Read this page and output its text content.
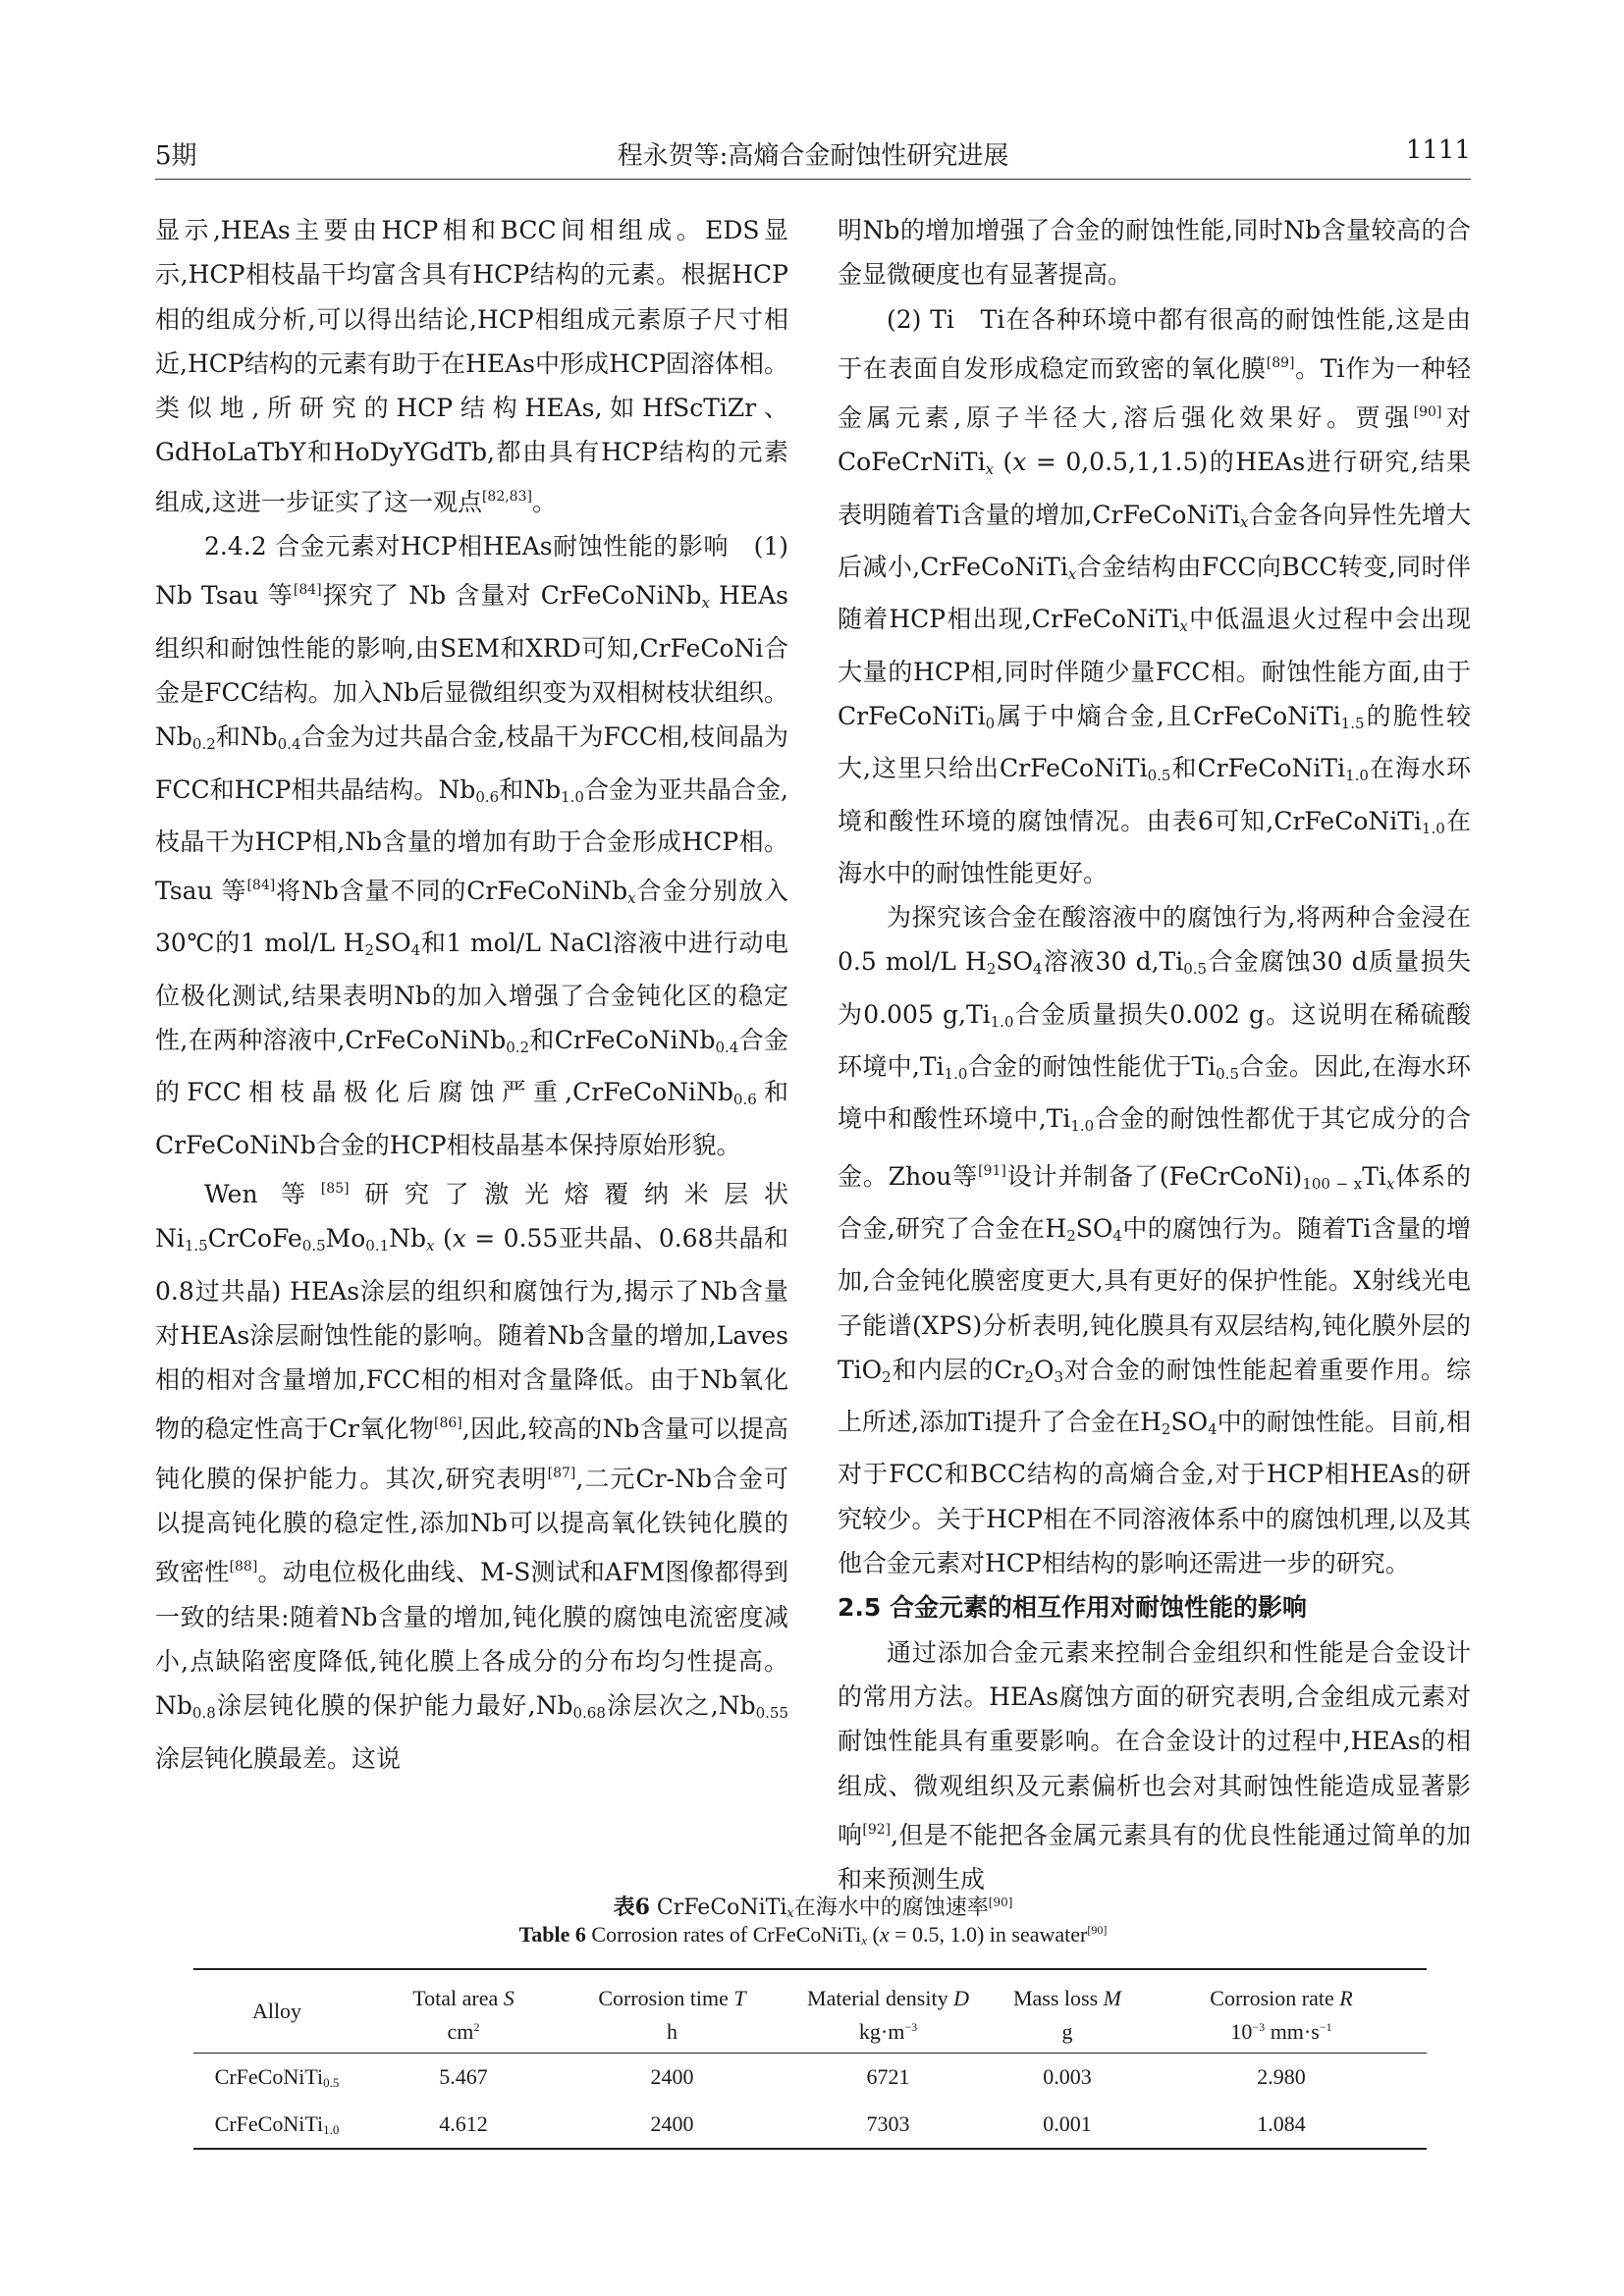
5期	程永贺等:高熵合金耐蚀性研究进展	1111

显示,HEAs主要由HCP相和BCC间相组成。EDS显示,HCP相枝晶干均富含具有HCP结构的元素。根据HCP相的组成分析,可以得出结论,HCP相组成元素原子尺寸相近,HCP结构的元素有助于在HEAs中形成HCP固溶体相。类似地,所研究的HCP结构HEAs,如HfScTiZr、GdHoLaTbY和HoDyYGdTb,都由具有HCP结构的元素组成,这进一步证实了这一观点[82,83]。

2.4.2 合金元素对HCP相HEAs耐蚀性能的影响　 (1) Nb Tsau 等[84]探究了 Nb 含量对 CrFeCoNiNb$_x$ HEAs组织和耐蚀性能的影响,由SEM和XRD可知,CrFeCoNi合金是FCC结构。加入Nb后显微组织变为双相树枝状组织。$Nb_{0.2}$和$Nb_{0.4}$合金为过共晶合金,枝晶干为FCC相,枝间晶为FCC和HCP相共晶结构。$Nb_{0.6}$和$Nb_{1.0}$合金为亚共晶合金,枝晶干为HCP相,Nb含量的增加有助于合金形成HCP相。Tsau 等[84]将Nb含量不同的CrFeCoNiNb$_x$合金分别放入30℃的1 mol/L $H_2SO_4$和1 mol/L NaCl溶液中进行动电位极化测试,结果表明Nb的加入增强了合金钝化区的稳定性,在两种溶液中,CrFeCoNiNb$_{0.2}$和CrFeCoNiNb$_{0.4}$合金的FCC相枝晶极化后腐蚀严重,CrFeCoNiNb$_{0.6}$和CrFeCoNiNb合金的HCP相枝晶基本保持原始形貌。

Wen 等[85]研究了激光熔覆纳米层状$Ni_{1.5}CrCoFe_{0.5}Mo_{0.1}Nb_x$ (x = 0.55亚共晶、0.68共晶和0.8过共晶) HEAs涂层的组织和腐蚀行为,揭示了Nb含量对HEAs涂层耐蚀性能的影响。随着Nb含量的增加,Laves相的相对含量增加,FCC相的相对含量降低。由于Nb氧化物的稳定性高于Cr氧化物[86],因此,较高的Nb含量可以提高钝化膜的保护能力。其次,研究表明[87],二元Cr-Nb合金可以提高钝化膜的稳定性,添加Nb可以提高氧化铁钝化膜的致密性[88]。动电位极化曲线、M-S测试和AFM图像都得到一致的结果:随着Nb含量的增加,钝化膜的腐蚀电流密度减小,点缺陷密度降低,钝化膜上各成分的分布均匀性提高。$Nb_{0.8}$涂层钝化膜的保护能力最好$,Nb_{0.68}$涂层次之$,Nb_{0.55}$涂层钝化膜最差。这说

明Nb的增加增强了合金的耐蚀性能,同时Nb含量较高的合金显微硬度也有显著提高。

(2) Ti　Ti在各种环境中都有很高的耐蚀性能,这是由于在表面自发形成稳定而致密的氧化膜[89]。Ti作为一种轻金属元素,原子半径大,溶后强化效果好。贾强[90]对CoFeCrNiTi$_x$ (x = 0,0.5,1,1.5)的HEAs进行研究,结果表明随着Ti含量的增加,CrFeCoNiTi$_x$合金各向异性先增大后减小,CrFeCoNiTi$_x$合金结构由FCC向BCC转变,同时伴随着HCP相出现,CrFeCoNiTi$_x$中低温退火过程中会出现大量的HCP相,同时伴随少量FCC相。耐蚀性能方面,由于CrFeCoNiTi$_0$属于中熵合金,且CrFeCoNiTi$_{1.5}$的脆性较大,这里只给出CrFeCoNiTi$_{0.5}$和CrFeCoNiTi$_{1.0}$在海水环境和酸性环境的腐蚀情况。由表6可知,CrFeCoNiTi$_{1.0}$在海水中的耐蚀性能更好。

为探究该合金在酸溶液中的腐蚀行为,将两种合金浸在0.5 mol/L $H_2SO_4$溶液30 $d,Ti_{0.5}$合金腐蚀30 d质量损失为0.005 $g,Ti_{1.0}$合金质量损失0.002 g。这说明在稀硫酸环境中$,Ti_{1.0}$合金的耐蚀性能优于$Ti_{0.5}$合金。因此,在海水环境中和酸性环境中$,Ti_{1.0}$合金的耐蚀性都优于其它成分的合金。Zhou等[91]设计并制备了$(FeCrCoNi)_{100 - x}Ti_x$体系的合金,研究了合金在$H_2SO_4$中的腐蚀行为。随着Ti含量的增加,合金钝化膜密度更大,具有更好的保护性能。X射线光电子能谱(XPS)分析表明,钝化膜具有双层结构,钝化膜外层的TiO$_2$和内层的$Cr_2O_3$对合金的耐蚀性能起着重要作用。综上所述,添加Ti提升了合金在$H_2SO_4$中的耐蚀性能。目前,相对于FCC和BCC结构的高熵合金,对于HCP相HEAs的研究较少。关于HCP相在不同溶液体系中的腐蚀机理,以及其他合金元素对HCP相结构的影响还需进一步的研究。

2.5 合金元素的相互作用对耐蚀性能的影响

通过添加合金元素来控制合金组织和性能是合金设计的常用方法。HEAs腐蚀方面的研究表明,合金组成元素对耐蚀性能具有重要影响。在合金设计的过程中,HEAs的相组成、微观组织及元素偏析也会对其耐蚀性能造成显著影响[92],但是不能把各金属元素具有的优良性能通过简单的加和来预测生成

表6 CrFeCoNiTi$_x$在海水中的腐蚀速率[90]
Table 6 Corrosion rates of CrFeCoNiTi$_x$ (x = 0.5, 1.0) in seawater[90]
Alloy	Total area S	Corrosion time T	Material density D	Mass loss M	Corrosion rate R
	$cm^2$	h	$kg\cdot m^{-3}$	g	$10^{-3}$ $mm\cdot s^{-1}$
CrFeCoNiTi$_{0.5}$	5.467	2400	6721	0.003	2.980
CrFeCoNiTi$_{1.0}$	4.612	2400	7303	0.001	1.084
